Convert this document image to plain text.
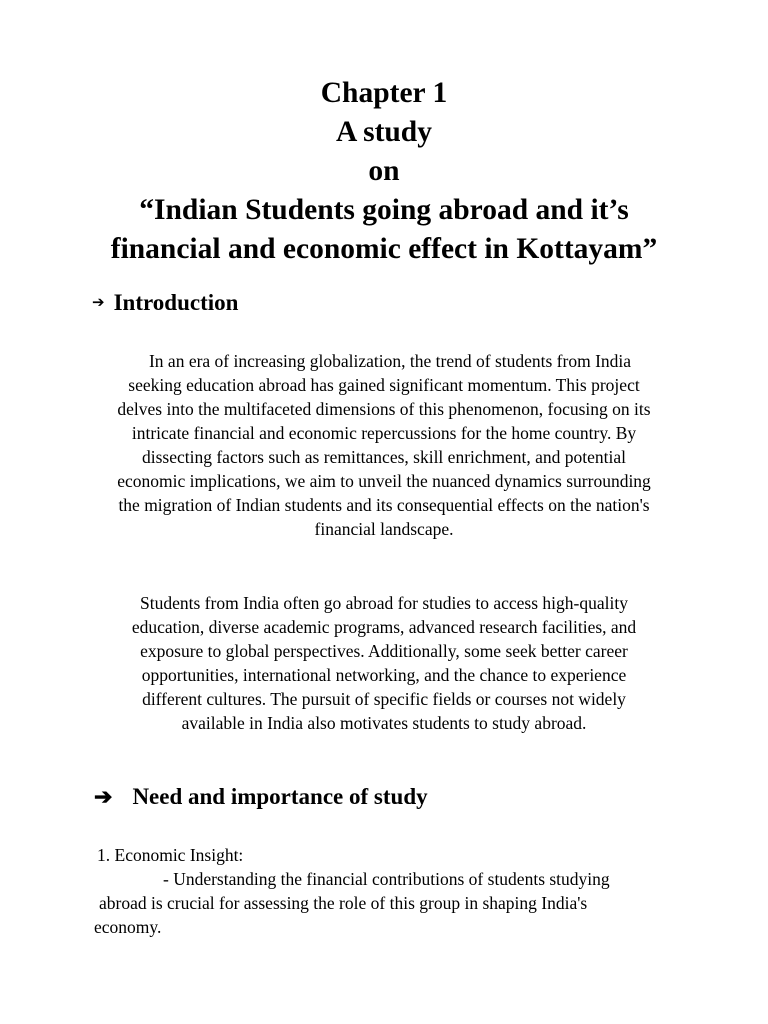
Chapter 1
A study
on
“Indian Students going abroad and it’s
financial and economic effect in Kottayam”
➔ Introduction
In an era of increasing globalization, the trend of students from India
seeking education abroad has gained significant momentum. This project
delves into the multifaceted dimensions of this phenomenon, focusing on its
intricate financial and economic repercussions for the home country. By
dissecting factors such as remittances, skill enrichment, and potential
economic implications, we aim to unveil the nuanced dynamics surrounding
the migration of Indian students and its consequential effects on the nation's
financial landscape.
Students from India often go abroad for studies to access high-quality
education, diverse academic programs, advanced research facilities, and
exposure to global perspectives. Additionally, some seek better career
opportunities, international networking, and the chance to experience
different cultures. The pursuit of specific fields or courses not widely
available in India also motivates students to study abroad.
➔ Need and importance of study
1. Economic Insight:
- Understanding the financial contributions of students studying
abroad is crucial for assessing the role of this group in shaping India's
economy.
